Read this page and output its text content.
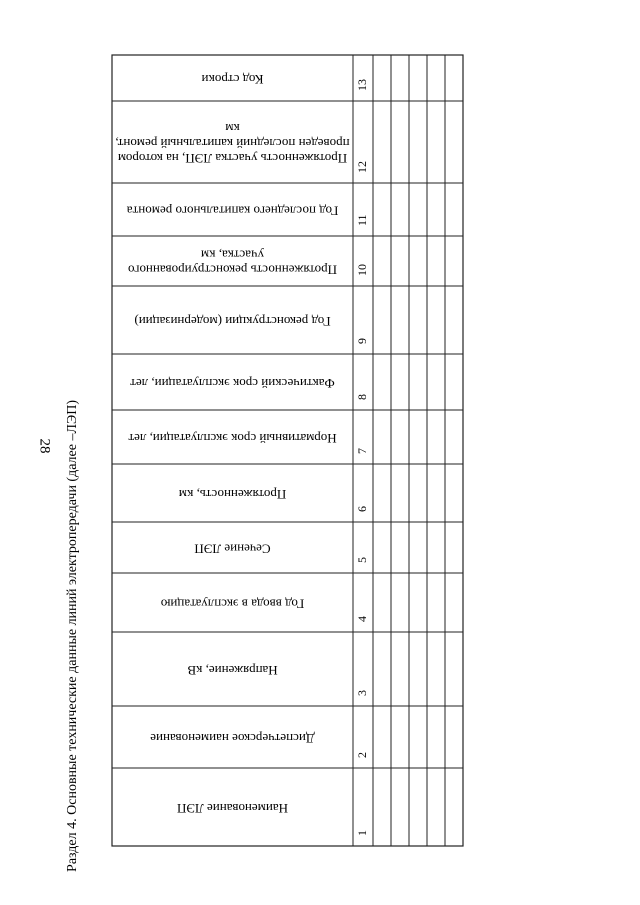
28 Раздел 4. Основные технические данные линий электропередачи (далее –ЛЭП)	Наименование ЛЭП
1
Диспетчерское наименование
2
Напряжение, кВ
3
Год ввода в эксплуатацию
4
Сечение ЛЭП
5
Протяженность, км
6
Нормативный срок эксплуатации, лет
7
Фактический срок эксплуатации, лет
8
Год реконструкции (модернизации)
9
Протяженность реконструированного
участка, км
10
Год последнего капитального ремонта
11
Протяженность участка ЛЭП, на котором
проведен последний капитальный ремонт,
км
12
Код строки	13
